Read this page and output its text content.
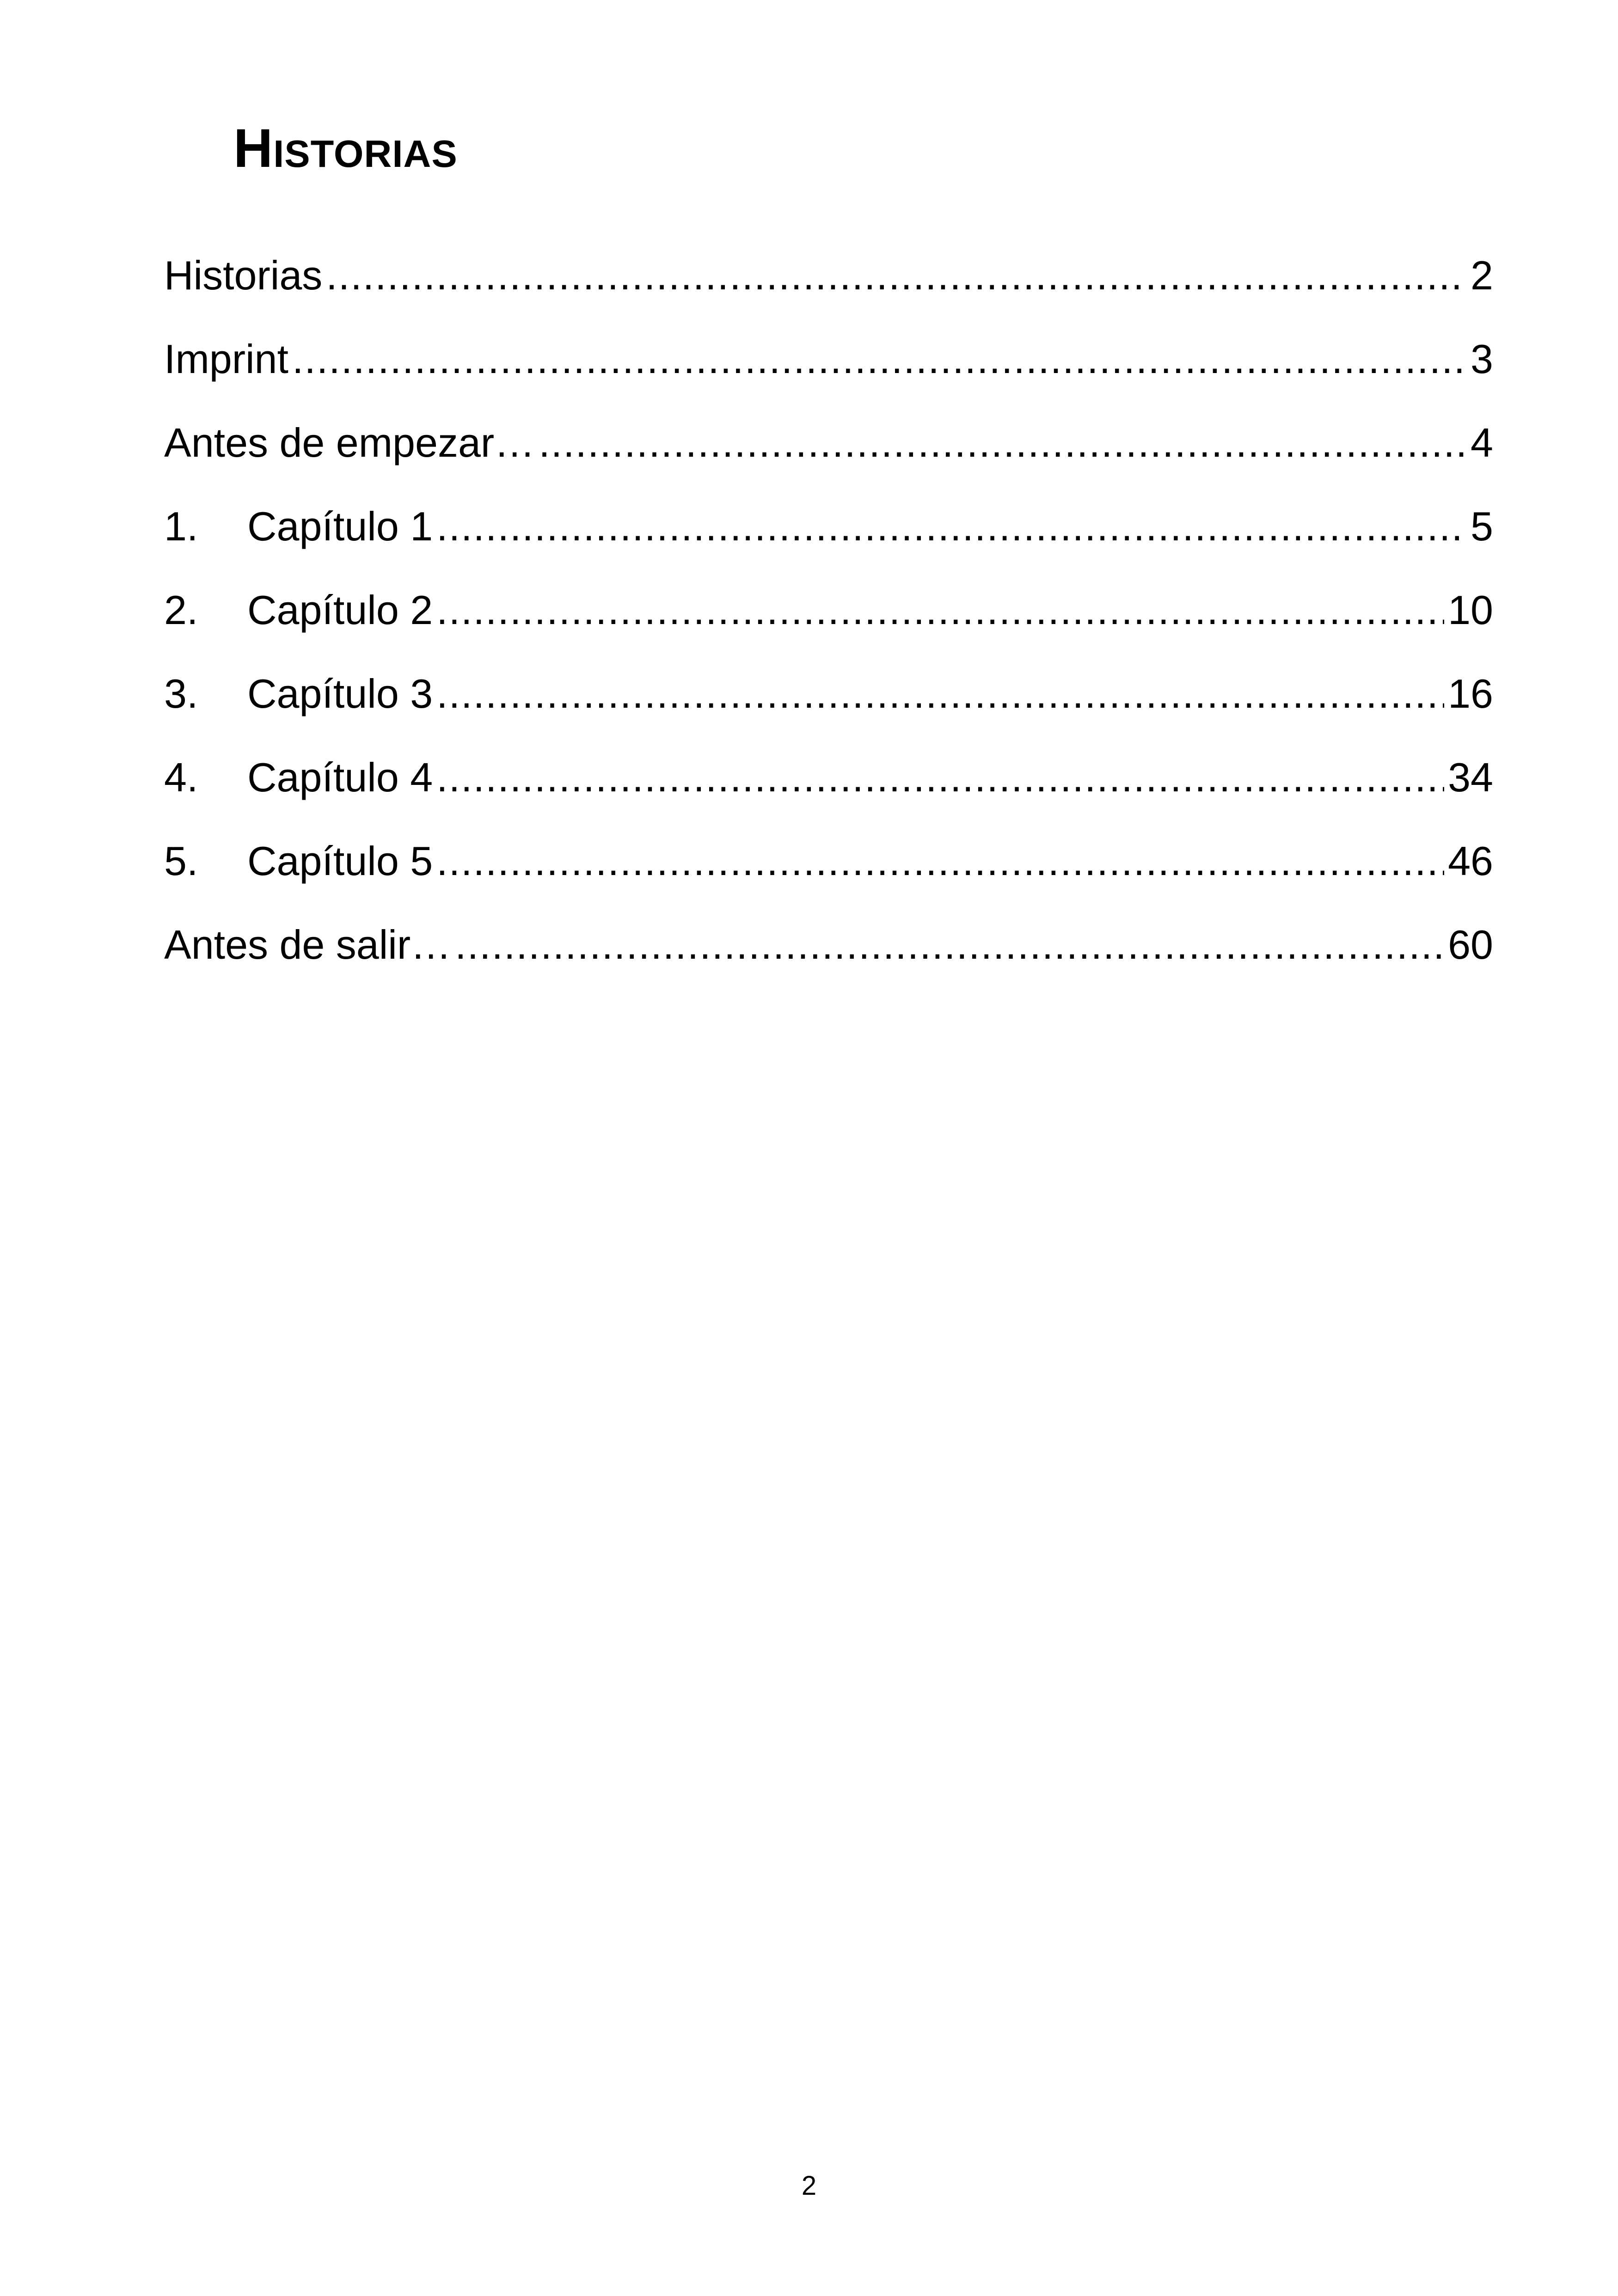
Historias
Historias .....	2
Imprint .....	3
Antes de empezar… .....	4
1.	Capítulo 1 .....	5
2.	Capítulo 2 .....	10
3.	Capítulo 3 .....	16
4.	Capítulo 4 .....	34
5.	Capítulo 5 .....	46
Antes de salir… .....	60
2
